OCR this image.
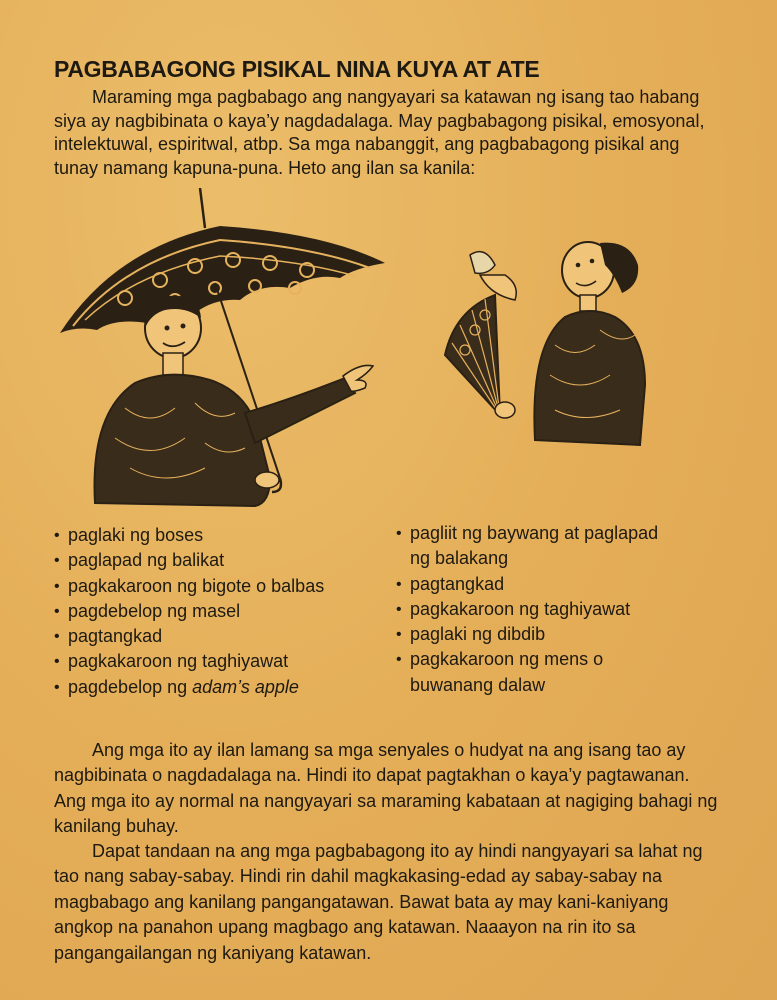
PAGBABAGONG PISIKAL NINA KUYA AT ATE

Maraming mga pagbabago ang nangyayari sa katawan ng isang tao habang
siya ay nagbibinata o kaya’y nagdadalaga. May pagbabagong pisikal, emosyonal,
intelektuwal, espiritwal, atbp. Sa mga nabanggit, ang pagbabagong pisikal ang
tunay namang kapuna-puna. Heto ang ilan sa kanila:

• paglaki ng boses
• paglapad ng balikat
• pagkakaroon ng bigote o balbas
• pagdebelop ng masel
• pagtangkad
• pagkakaroon ng taghiyawat
• pagdebelop ng adam’s apple
• pagliit ng baywang at paglapad
ng balakang
• pagtangkad
• pagkakaroon ng taghiyawat
• paglaki ng dibdib
• pagkakaroon ng mens o
buwanang dalaw

Ang mga ito ay ilan lamang sa mga senyales o hudyat na ang isang tao ay
nagbibinata o nagdadalaga na. Hindi ito dapat pagtakhan o kaya’y pagtawanan.
Ang mga ito ay normal na nangyayari sa maraming kabataan at nagiging bahagi ng
kanilang buhay.

Dapat tandaan na ang mga pagbabagong ito ay hindi nangyayari sa lahat ng
tao nang sabay-sabay. Hindi rin dahil magkakasing-edad ay sabay-sabay na
magbabago ang kanilang pangangatawan. Bawat bata ay may kani-kaniyang
angkop na panahon upang magbago ang katawan. Naaayon na rin ito sa
pangangailangan ng kaniyang katawan.
